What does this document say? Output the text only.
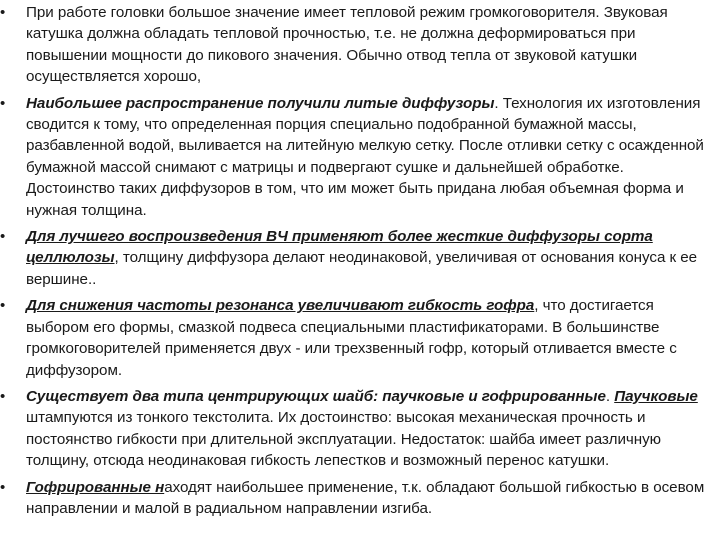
•	При работе головки большое значение имеет тепловой режим громкоговорителя. Звуковая катушка должна обладать тепловой прочностью, т.е. не должна деформироваться при повышении мощности до пикового значения. Обычно отвод тепла от звуковой катушки осуществляется хорошо,
•	Наибольшее распространение получили литые диффузоры. Технология их изготовления сводится к тому, что определенная порция специально подобранной бумажной массы, разбавленной водой, выливается на литейную мелкую сетку. После отливки сетку с осажденной бумажной массой снимают с матрицы и подвергают сушке и дальнейшей обработке. Достоинство таких диффузоров в том, что им может быть придана любая объемная форма и нужная толщина.
•	Для лучшего воспроизведения ВЧ применяют более жесткие диффузоры сорта целлюлозы, толщину диффузора делают неодинаковой, увеличивая от основания конуса к ее вершине..
•	Для снижения частоты резонанса увеличивают гибкость гофра, что достигается выбором его формы, смазкой подвеса специальными пластификаторами. В большинстве громкоговорителей применяется двух - или трехзвенный гофр, который отливается вместе с диффузором.
•	Существует два типа центрирующих шайб: паучковые и гофрированные. Паучковые штампуются из тонкого текстолита. Их достоинство: высокая механическая прочность и постоянство гибкости при длительной эксплуатации. Недостаток: шайба имеет различную толщину, отсюда неодинаковая гибкость лепестков и возможный перенос катушки.
•	Гофрированные находят наибольшее применение, т.к. обладают большой гибкостью в осевом направлении и малой в радиальном направлении изгиба.
